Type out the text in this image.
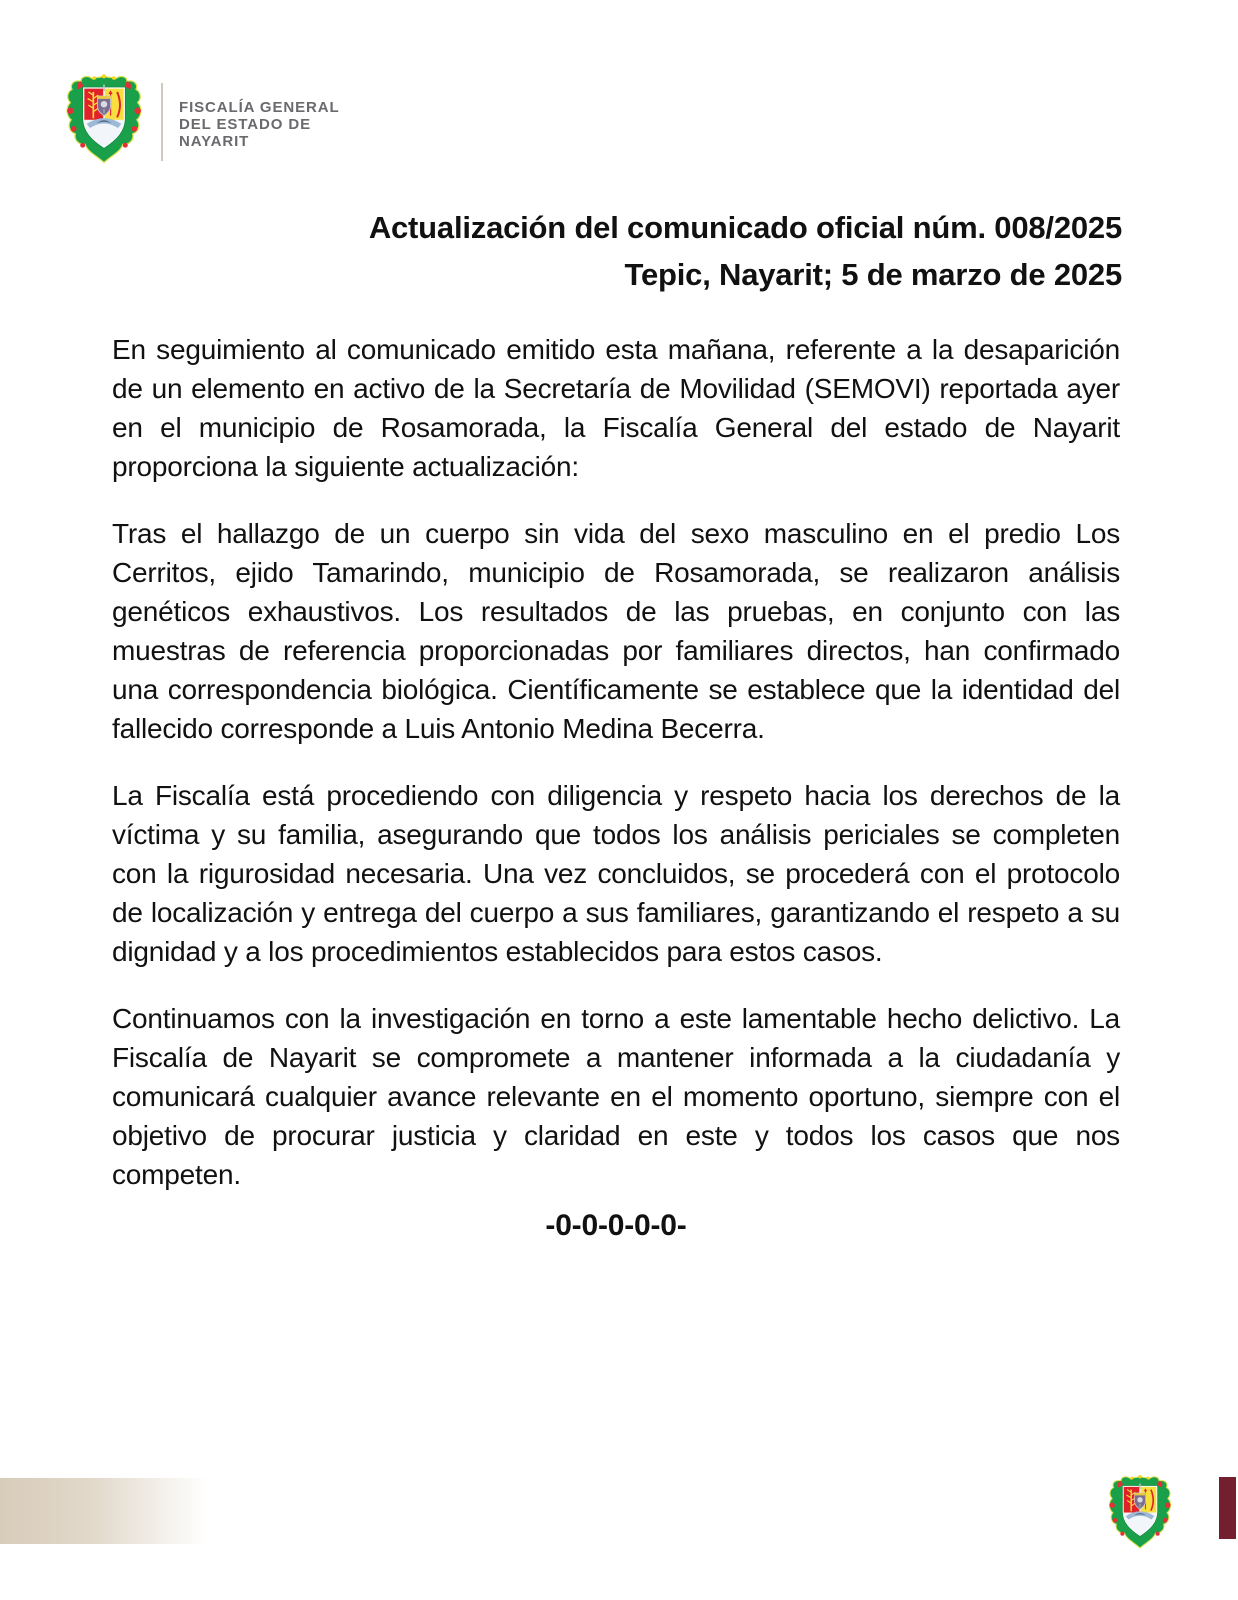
FISCALÍA GENERAL
DEL ESTADO DE
NAYARIT
Actualización del comunicado oficial núm. 008/2025
Tepic, Nayarit; 5 de marzo de 2025

En seguimiento al comunicado emitido esta mañana, referente a la desaparición de un elemento en activo de la Secretaría de Movilidad (SEMOVI) reportada ayer en el municipio de Rosamorada, la Fiscalía General del estado de Nayarit proporciona la siguiente actualización:

Tras el hallazgo de un cuerpo sin vida del sexo masculino en el predio Los Cerritos, ejido Tamarindo, municipio de Rosamorada, se realizaron análisis genéticos exhaustivos. Los resultados de las pruebas, en conjunto con las muestras de referencia proporcionadas por familiares directos, han confirmado una correspondencia biológica. Científicamente se establece que la identidad del fallecido corresponde a Luis Antonio Medina Becerra.

La Fiscalía está procediendo con diligencia y respeto hacia los derechos de la víctima y su familia, asegurando que todos los análisis periciales se completen con la rigurosidad necesaria. Una vez concluidos, se procederá con el protocolo de localización y entrega del cuerpo a sus familiares, garantizando el respeto a su dignidad y a los procedimientos establecidos para estos casos.

Continuamos con la investigación en torno a este lamentable hecho delictivo. La Fiscalía de Nayarit se compromete a mantener informada a la ciudadanía y comunicará cualquier avance relevante en el momento oportuno, siempre con el objetivo de procurar justicia y claridad en este y todos los casos que nos competen.

-0-0-0-0-0-
